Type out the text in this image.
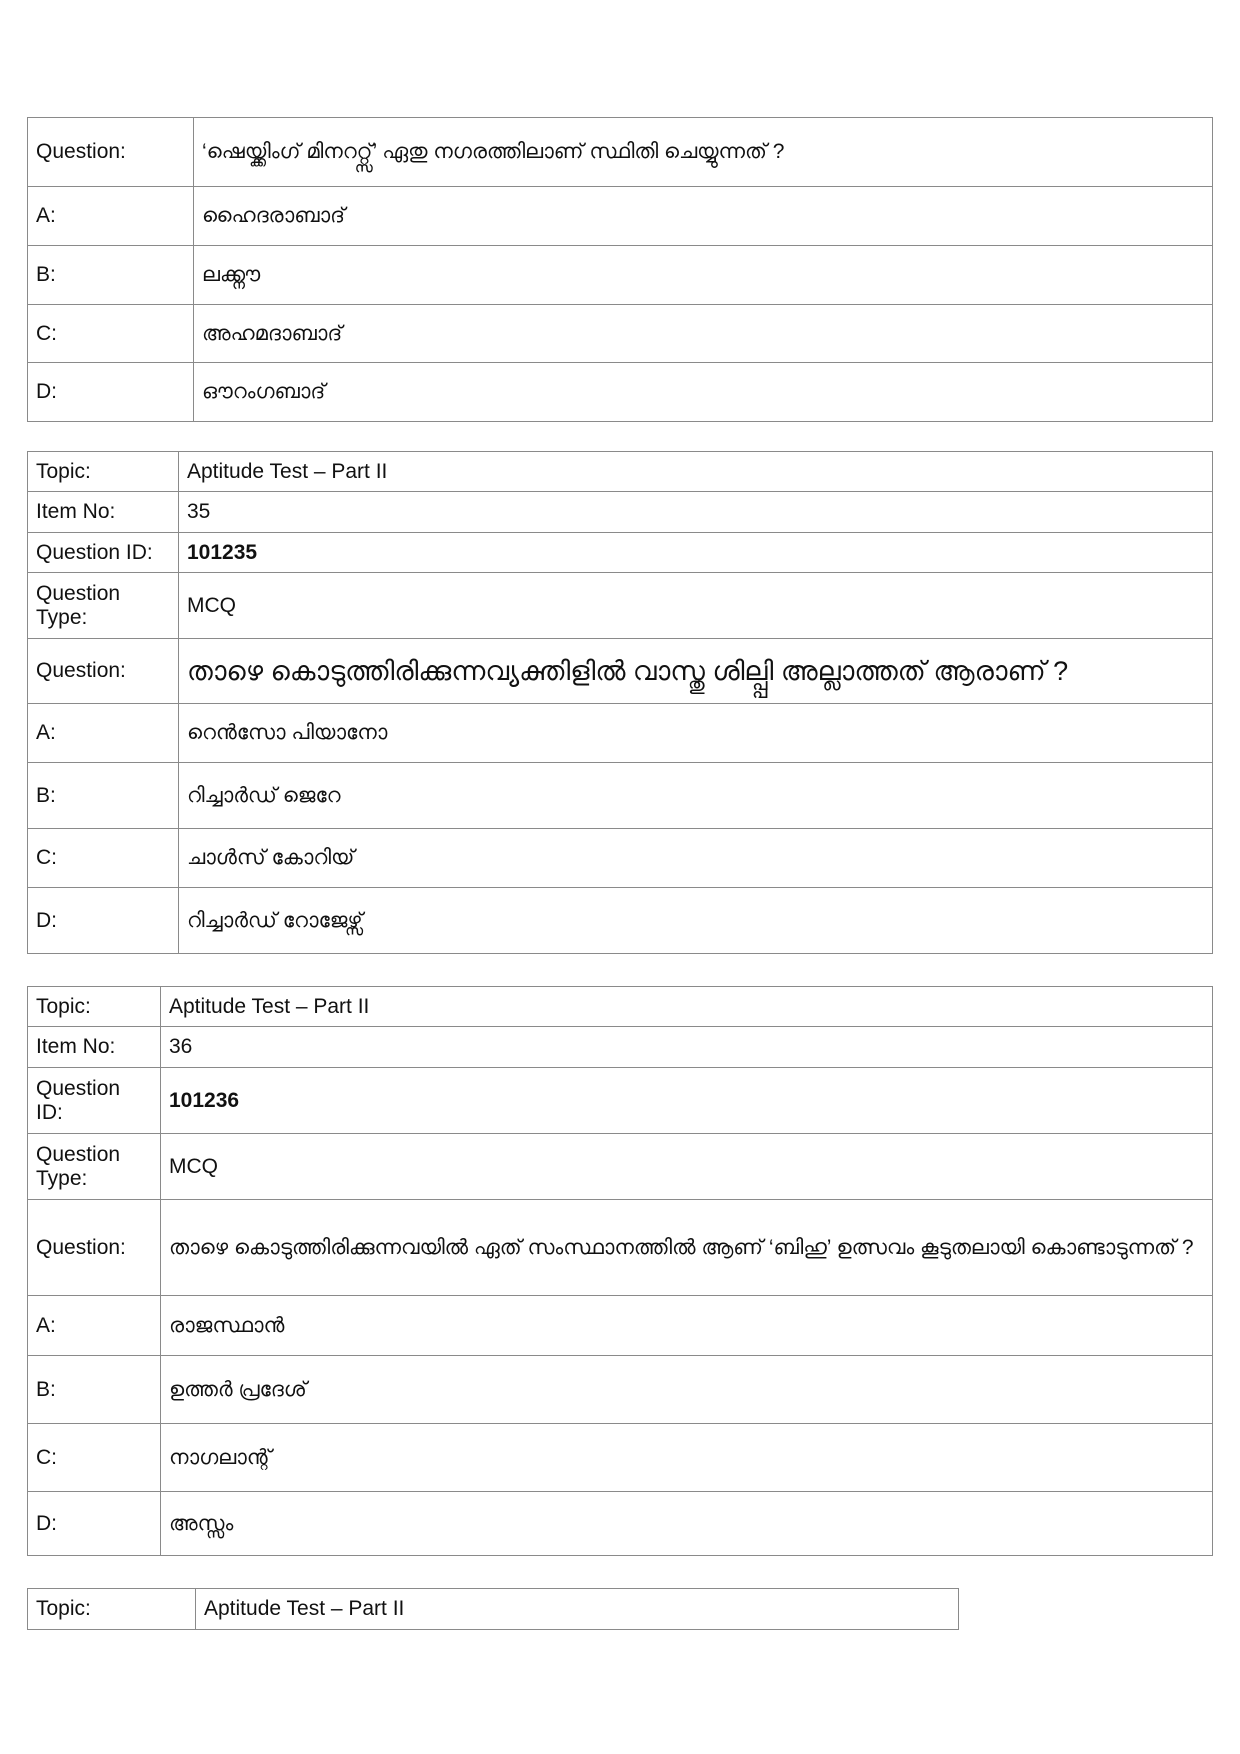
Question:	‘ഷെയ്ക്കിംഗ് മിനററ്റ്സ്’ ഏതു നഗരത്തിലാണ് സ്ഥിതി ചെയ്യുന്നത് ?
A:	ഹൈദരാബാദ്
B:	ലക്ക്നൗ
C:	അഹമദാബാദ്
D:	ഔറംഗബാദ്
Topic:	Aptitude Test – Part II
Item No:	35
Question ID:	101235
Question Type:	MCQ
Question:	താഴെ കൊടുത്തിരിക്കുന്നവ്യക്തിളിൽ വാസ്തു ശില്പ്പി അല്ലാത്തത് ആരാണ് ?
A:	റെൻസോ പിയാനോ
B:	റിച്ചാർഡ് ജെറേ
C:	ചാൾസ് കോറിയ്
D:	റിച്ചാർഡ് റോജേഴ്സ്
Topic:	Aptitude Test – Part II
Item No:	36
Question ID:	101236
Question Type:	MCQ
Question:	താഴെ കൊടുത്തിരിക്കുന്നവയിൽ ഏത് സംസ്ഥാനത്തിൽ ആണ് ‘ബിഹു’ ഉത്സവം കൂടുതലായി കൊണ്ടാടുന്നത് ?
A:	രാജസ്ഥാൻ
B:	ഉത്തർ പ്രദേശ്
C:	നാഗലാന്റ്
D:	അസ്സം
Topic:	Aptitude Test – Part II
